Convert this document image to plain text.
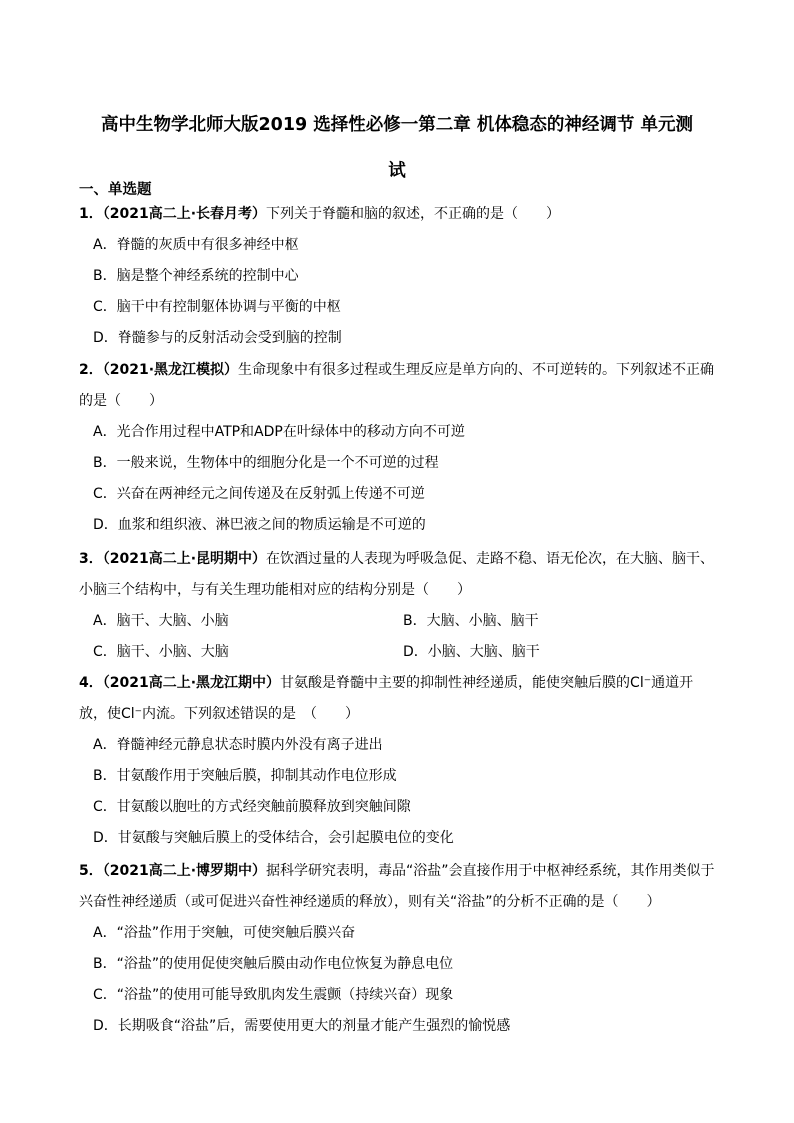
高中生物学北师大版2019 选择性必修一第二章 机体稳态的神经调节 单元测
试
一、单选题

1．（2021高二上·长春月考）下列关于脊髓和脑的叙述，不正确的是（　　）

A．脊髓的灰质中有很多神经中枢

B．脑是整个神经系统的控制中心

C．脑干中有控制躯体协调与平衡的中枢

D．脊髓参与的反射活动会受到脑的控制

2．（2021·黑龙江模拟）生命现象中有很多过程或生理反应是单方向的、不可逆转的。下列叙述不正确的是（　　）

A．光合作用过程中ATP和ADP在叶绿体中的移动方向不可逆

B．一般来说，生物体中的细胞分化是一个不可逆的过程

C．兴奋在两神经元之间传递及在反射弧上传递不可逆

D．血浆和组织液、淋巴液之间的物质运输是不可逆的

3．（2021高二上·昆明期中）在饮酒过量的人表现为呼吸急促、走路不稳、语无伦次，在大脑、脑干、小脑三个结构中，与有关生理功能相对应的结构分别是（　　）

A．脑干、大脑、小脑	B．大脑、小脑、脑干

C．脑干、小脑、大脑	D．小脑、大脑、脑干

4．（2021高二上·黑龙江期中）甘氨酸是脊髓中主要的抑制性神经递质，能使突触后膜的Cl⁻通道开放，使Cl⁻内流。下列叙述错误的是　（　　）

A．脊髓神经元静息状态时膜内外没有离子进出

B．甘氨酸作用于突触后膜，抑制其动作电位形成

C．甘氨酸以胞吐的方式经突触前膜释放到突触间隙

D．甘氨酸与突触后膜上的受体结合，会引起膜电位的变化

5．（2021高二上·博罗期中）据科学研究表明，毒品“浴盐”会直接作用于中枢神经系统，其作用类似于兴奋性神经递质（或可促进兴奋性神经递质的释放），则有关“浴盐”的分析不正确的是（　　）

A．“浴盐”作用于突触，可使突触后膜兴奋

B．“浴盐”的使用促使突触后膜由动作电位恢复为静息电位

C．“浴盐”的使用可能导致肌肉发生震颤（持续兴奋）现象

D．长期吸食“浴盐”后，需要使用更大的剂量才能产生强烈的愉悦感
